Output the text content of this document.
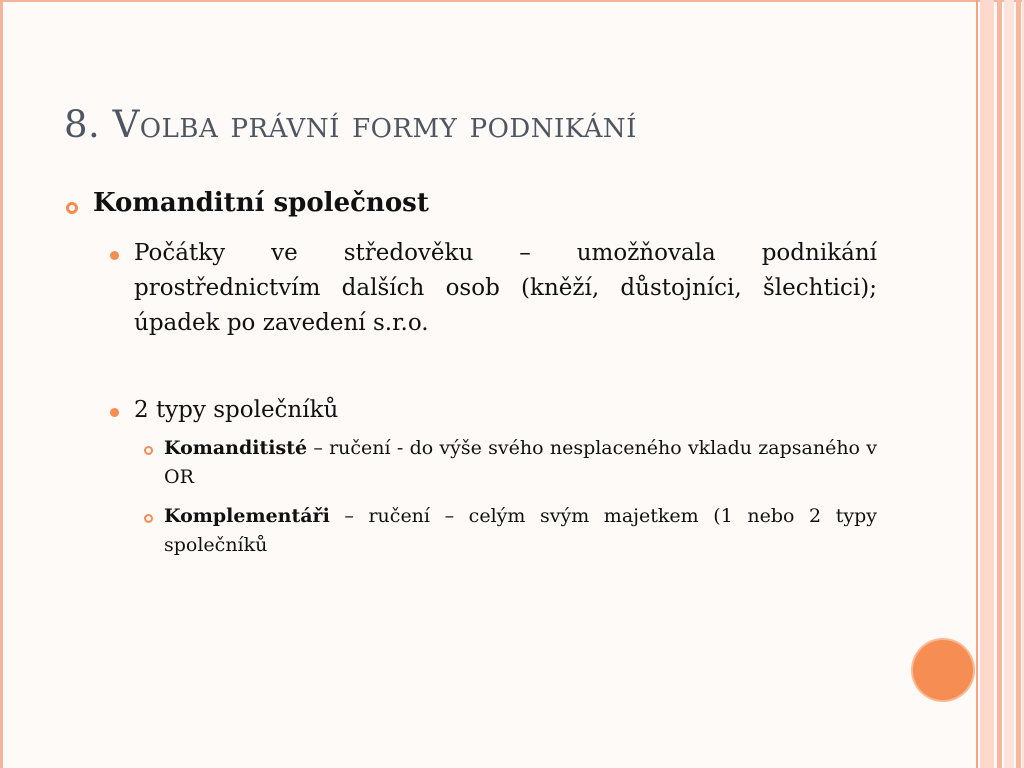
8. Volba právní formy podnikání
Komanditní společnost
Počátky ve středověku – umožňovala podnikání prostřednictvím dalších osob (kněží, důstojníci, šlechtici); úpadek po zavedení s.r.o.
2 typy společníků
Komanditisté – ručení - do výše svého nesplaceného vkladu zapsaného v OR
Komplementáři – ručení – celým svým majetkem (1 nebo 2 typy společníků
